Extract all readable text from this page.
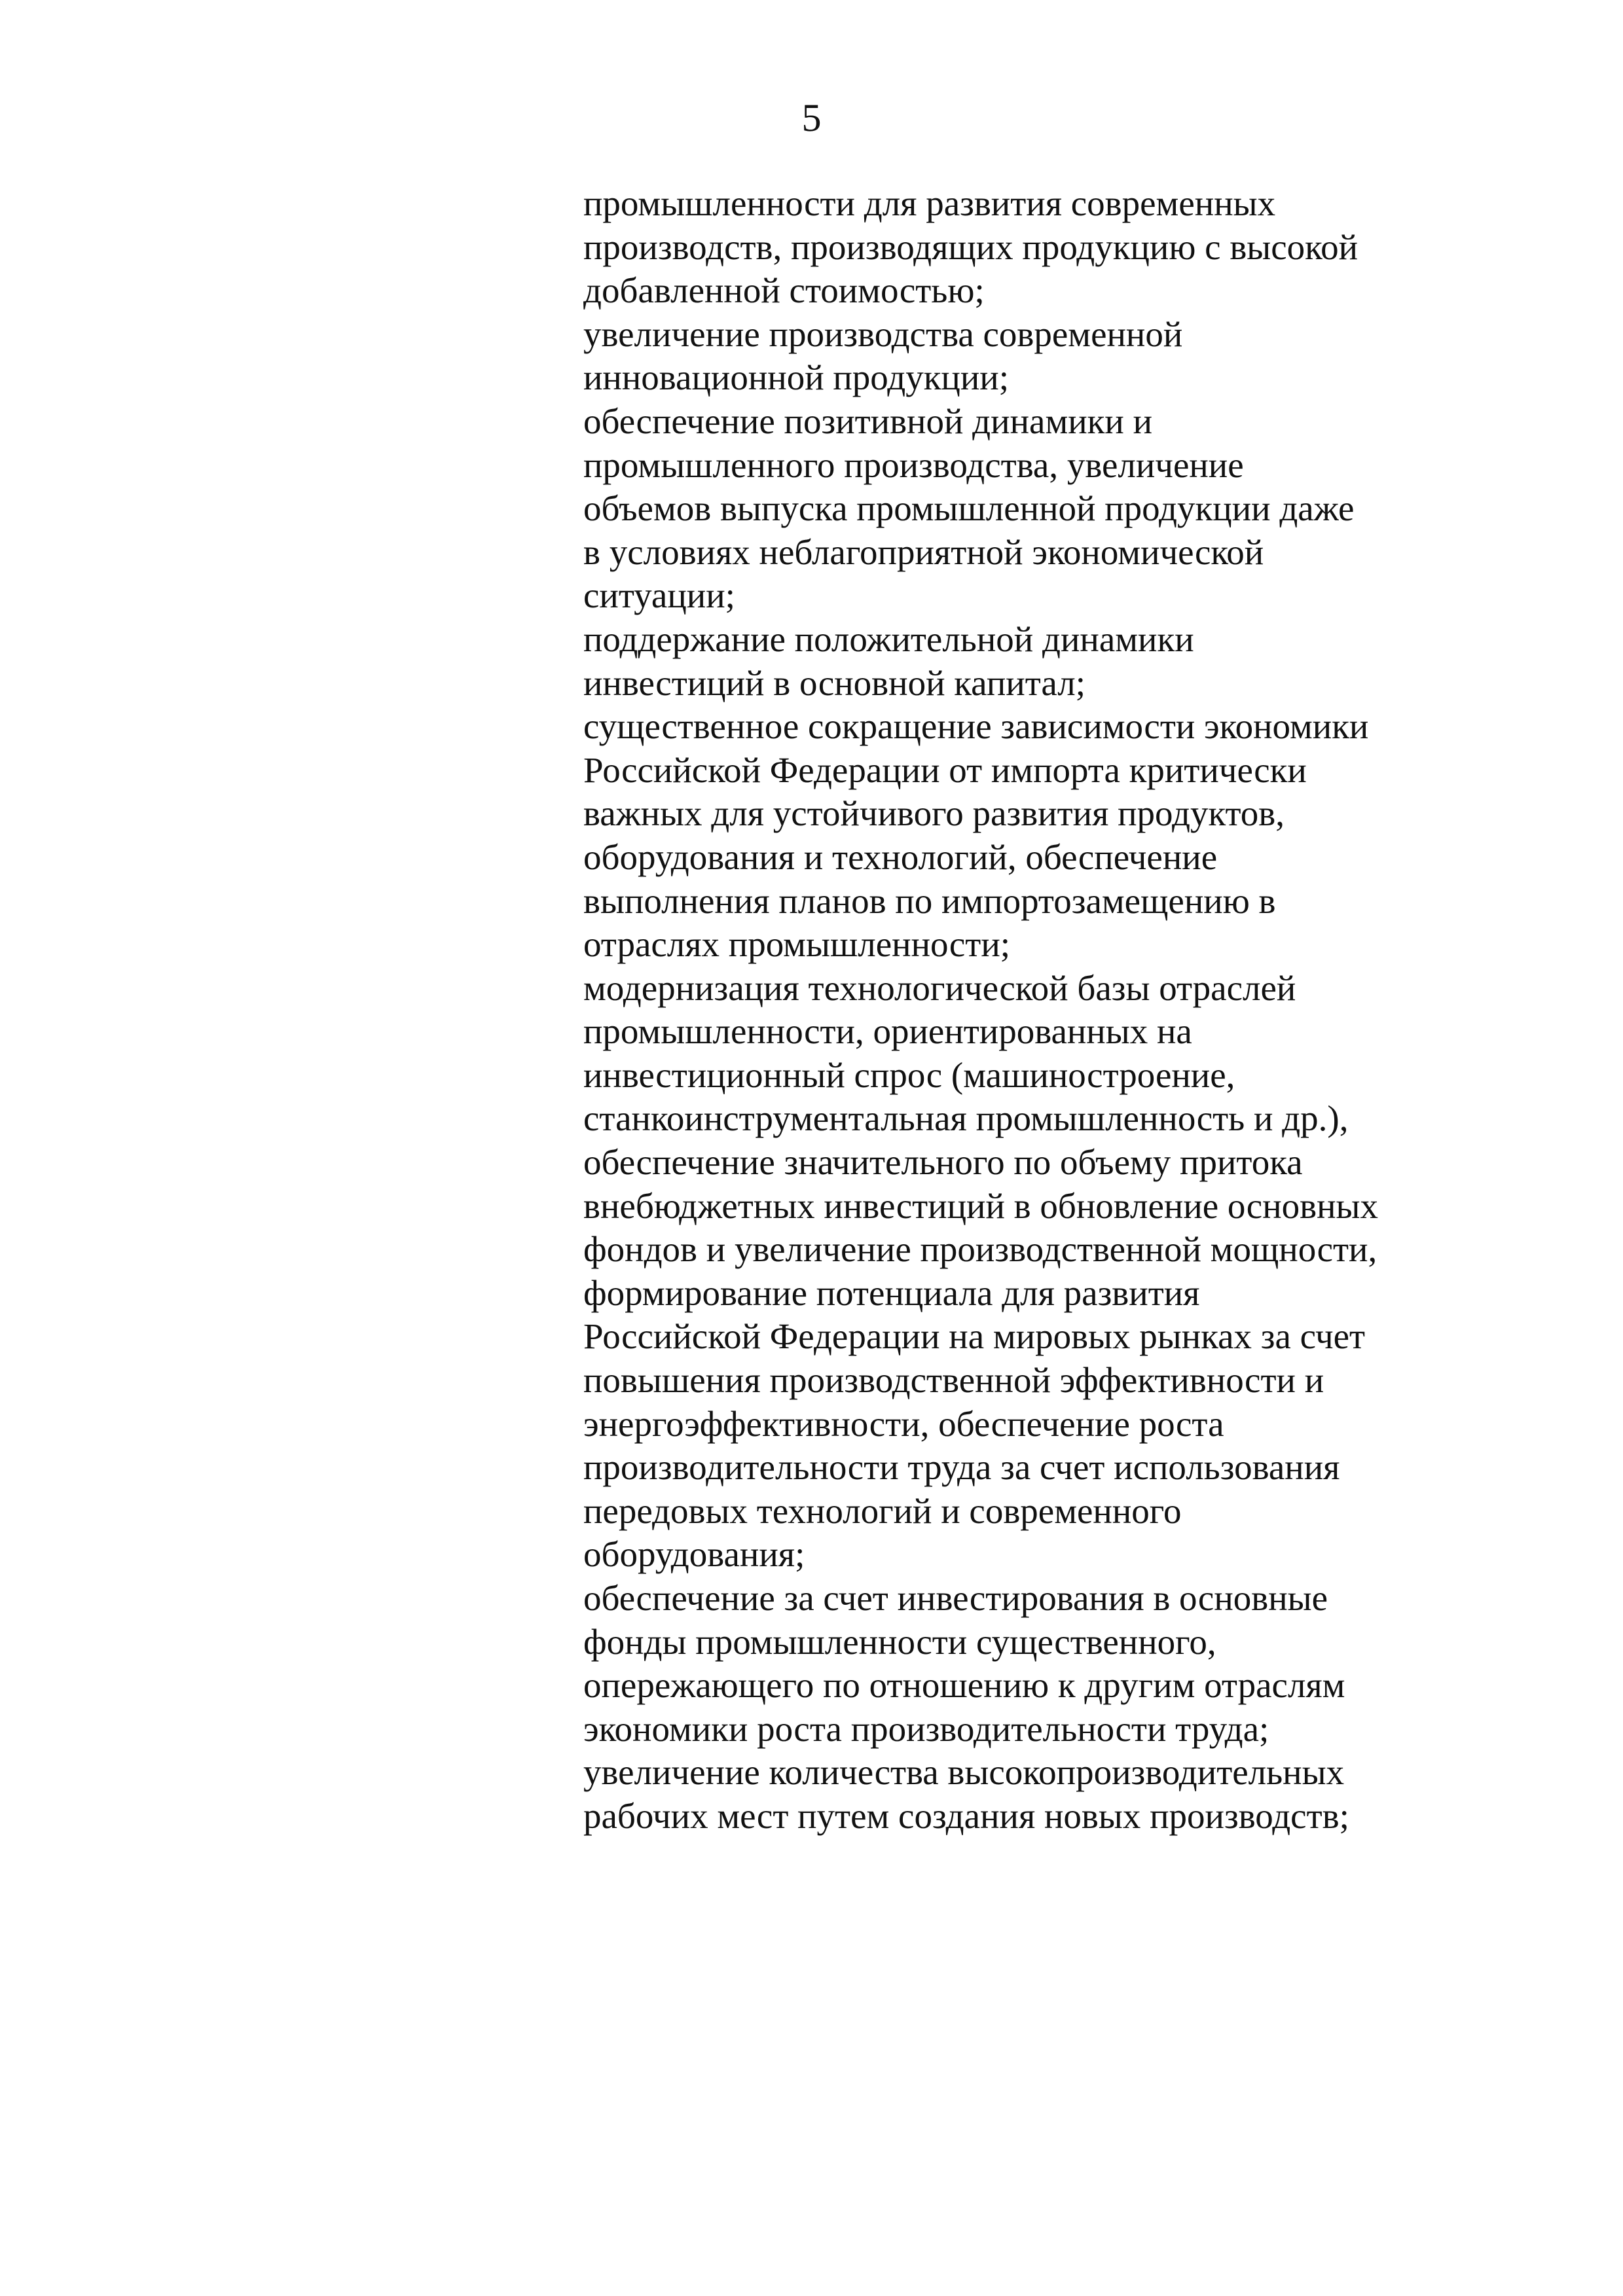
5
промышленности для развития современных
производств, производящих продукцию с высокой
добавленной стоимостью;
увеличение производства современной
инновационной продукции;
обеспечение позитивной динамики и
промышленного производства, увеличение
объемов выпуска промышленной продукции даже
в условиях неблагоприятной экономической
ситуации;
поддержание положительной динамики
инвестиций в основной капитал;
существенное сокращение зависимости экономики
Российской Федерации от импорта критически
важных для устойчивого развития продуктов,
оборудования и технологий, обеспечение
выполнения планов по импортозамещению в
отраслях промышленности;
модернизация технологической базы отраслей
промышленности, ориентированных на
инвестиционный спрос (машиностроение,
станкоинструментальная промышленность и др.),
обеспечение значительного по объему притока
внебюджетных инвестиций в обновление основных
фондов и увеличение производственной мощности,
формирование потенциала для развития
Российской Федерации на мировых рынках за счет
повышения производственной эффективности и
энергоэффективности, обеспечение роста
производительности труда за счет использования
передовых технологий и современного
оборудования;
обеспечение за счет инвестирования в основные
фонды промышленности существенного,
опережающего по отношению к другим отраслям
экономики роста производительности труда;
увеличение количества высокопроизводительных
рабочих мест путем создания новых производств;
